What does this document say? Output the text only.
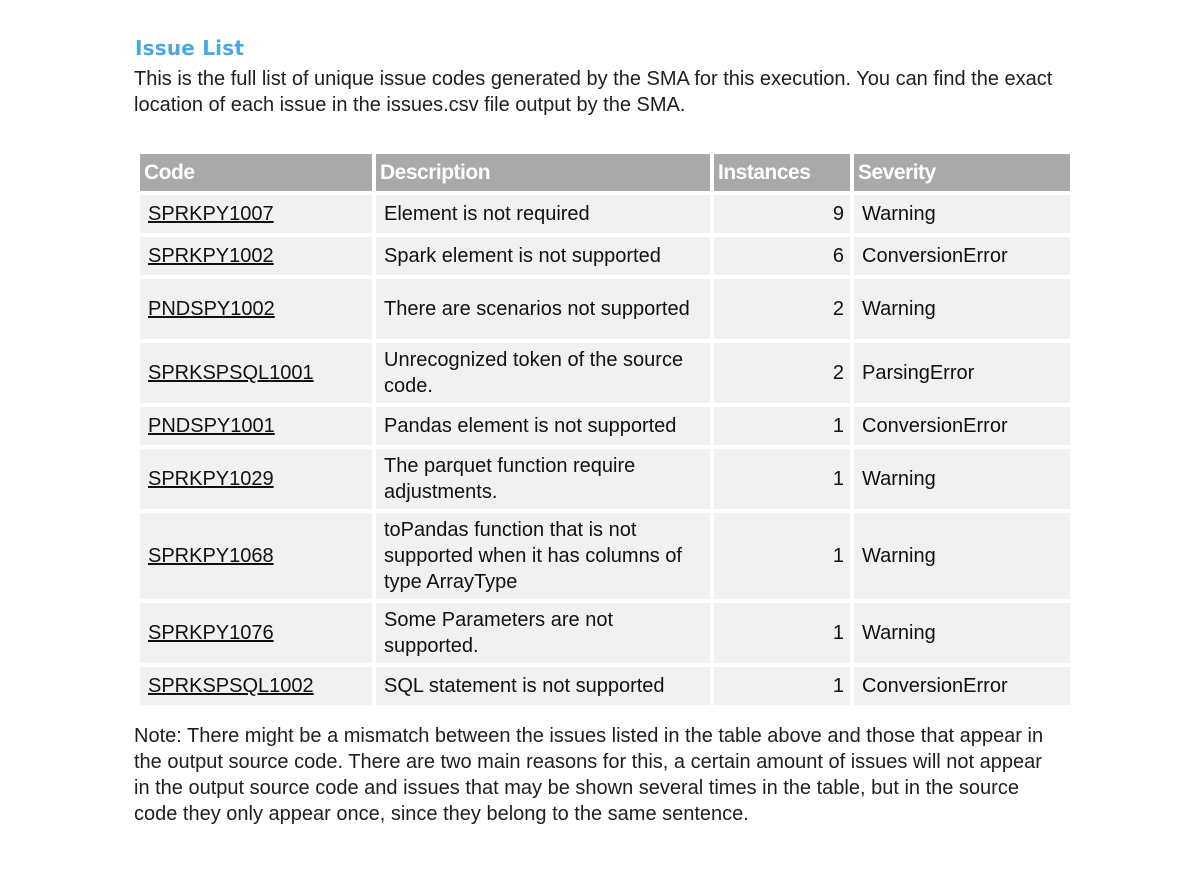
Issue List

This is the full list of unique issue codes generated by the SMA for this execution. You can find the exact location of each issue in the issues.csv file output by the SMA.

Code	Description	Instances	Severity
SPRKPY1007	Element is not required	9	Warning
SPRKPY1002	Spark element is not supported	6	ConversionError
PNDSPY1002	There are scenarios not supported	2	Warning
SPRKSPSQL1001	Unrecognized token of the source code.	2	ParsingError
PNDSPY1001	Pandas element is not supported	1	ConversionError
SPRKPY1029	The parquet function require adjustments.	1	Warning
SPRKPY1068	toPandas function that is not supported when it has columns of type ArrayType	1	Warning
SPRKPY1076	Some Parameters are not supported.	1	Warning
SPRKSPSQL1002	SQL statement is not supported	1	ConversionError

Note: There might be a mismatch between the issues listed in the table above and those that appear in the output source code. There are two main reasons for this, a certain amount of issues will not appear in the output source code and issues that may be shown several times in the table, but in the source code they only appear once, since they belong to the same sentence.
